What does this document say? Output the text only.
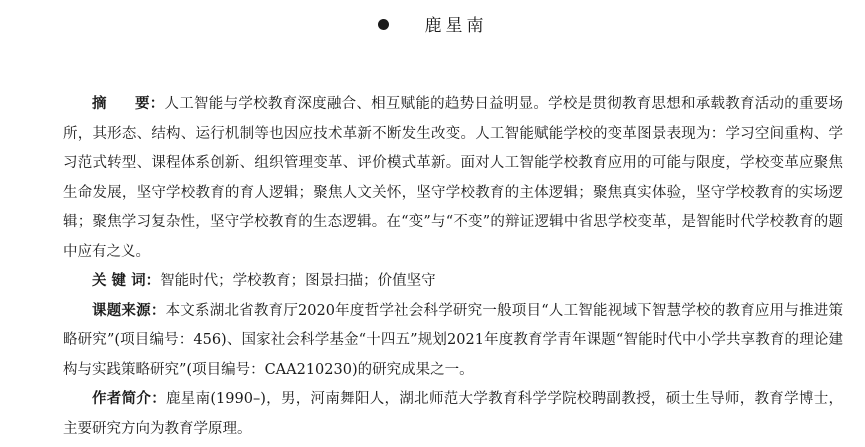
鹿星南

摘 要：人工智能与学校教育深度融合、相互赋能的趋势日益明显。学校是贯彻教育思想和承载教育活动的重要场所，其形态、结构、运行机制等也因应技术革新不断发生改变。人工智能赋能学校的变革图景表现为：学习空间重构、学习范式转型、课程体系创新、组织管理变革、评价模式革新。面对人工智能学校教育应用的可能与限度，学校变革应聚焦生命发展，坚守学校教育的育人逻辑；聚焦人文关怀，坚守学校教育的主体逻辑；聚焦真实体验，坚守学校教育的实场逻辑；聚焦学习复杂性，坚守学校教育的生态逻辑。在“变”与“不变”的辩证逻辑中省思学校变革，是智能时代学校教育的题中应有之义。

关 键 词：智能时代；学校教育；图景扫描；价值坚守

课题来源：本文系湖北省教育厅2020年度哲学社会科学研究一般项目“人工智能视域下智慧学校的教育应用与推进策略研究”(项目编号：456)、国家社会科学基金“十四五”规划2021年度教育学青年课题“智能时代中小学共享教育的理论建构与实践策略研究”(项目编号：CAA210230)的研究成果之一。

作者简介：鹿星南(1990–)，男，河南舞阳人，湖北师范大学教育科学学院校聘副教授，硕士生导师，教育学博士，主要研究方向为教育学原理。
